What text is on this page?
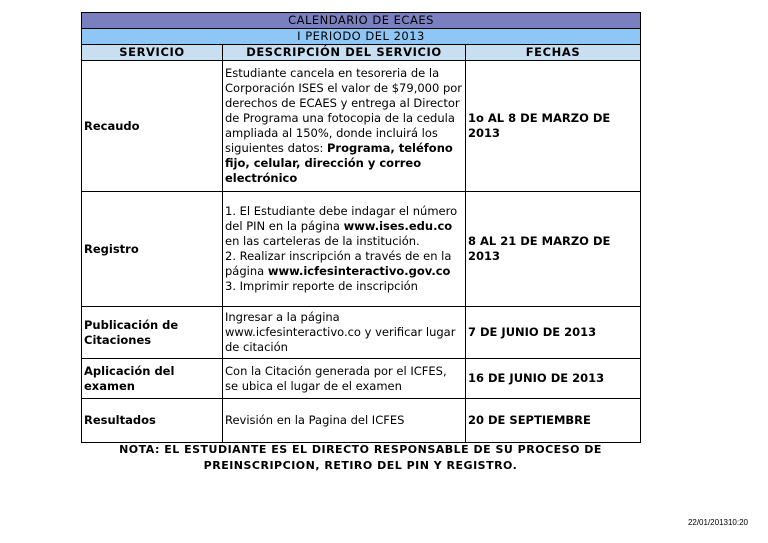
CALENDARIO DE ECAES		
I PERIODO DEL 2013		
SERVICIO	DESCRIPCIÓN DEL SERVICIO	FECHAS
Recaudo	Estudiante cancela en tesoreria de la Corporación ISES el valor de $79,000 por derechos de ECAES y entrega al Director de Programa una fotocopia de la cedula ampliada al 150%, donde incluirá los siguientes datos: Programa, teléfono fijo, celular, dirección y correo electrónico	1o AL 8 DE MARZO DE 2013
Registro	1. El Estudiante debe indagar el número del PIN en la página www.ises.edu.co en las carteleras de la institución.
2. Realizar inscripción a través de en la página www.icfesinteractivo.gov.co
3. Imprimir reporte de inscripción	8 AL 21 DE MARZO DE 2013
Publicación de Citaciones	Ingresar a la página www.icfesinteractivo.co y verificar lugar de citación	7 DE JUNIO DE 2013
Aplicación del examen	Con la Citación generada por el ICFES, se ubica el lugar de el examen	16 DE JUNIO DE 2013
Resultados	Revisión en la Pagina del ICFES	20 DE SEPTIEMBRE
NOTA: EL ESTUDIANTE ES EL DIRECTO RESPONSABLE DE SU PROCESO DE
PREINSCRIPCION, RETIRO DEL PIN Y REGISTRO.
22/01/201310:20
